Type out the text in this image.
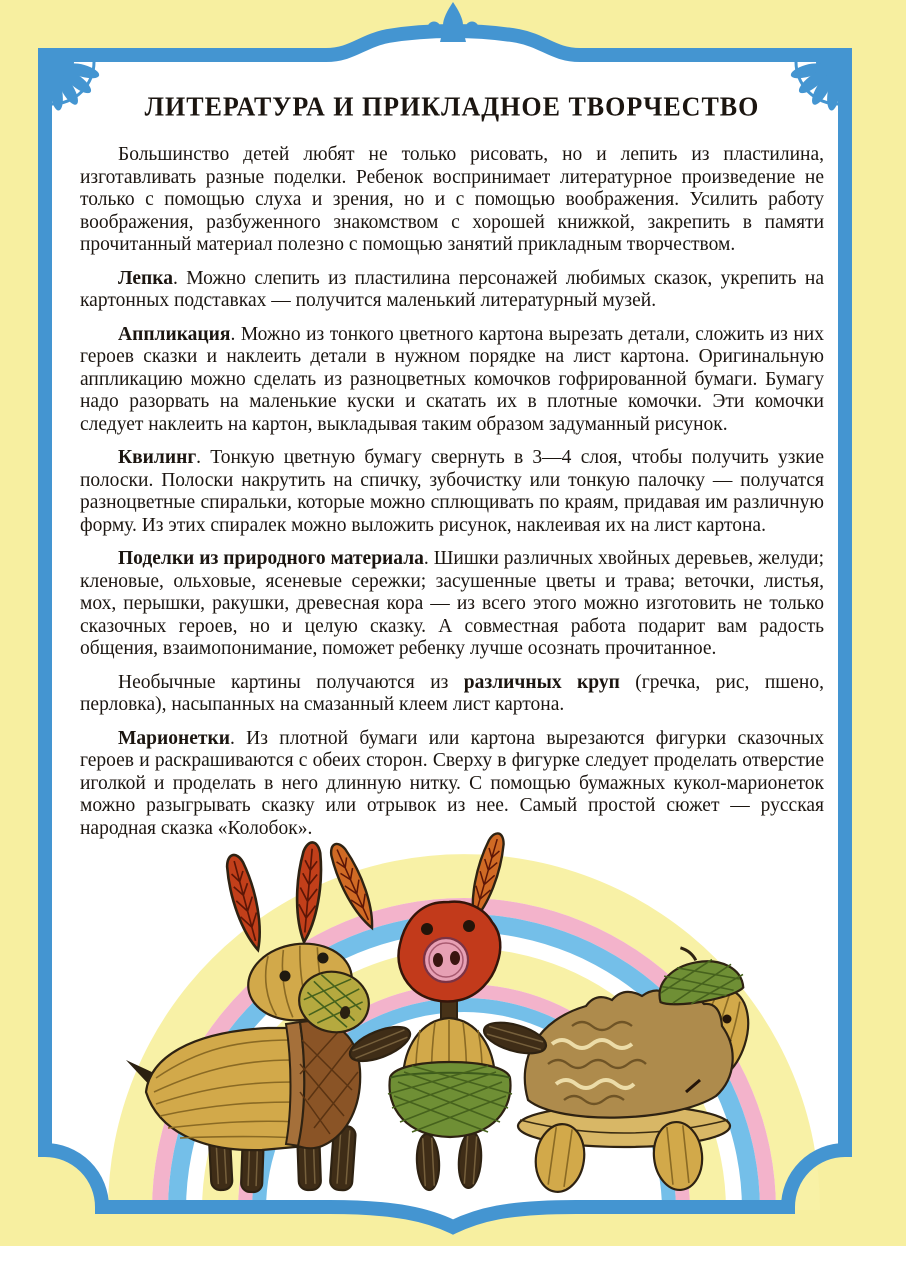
ЛИТЕРАТУРА И ПРИКЛАДНОЕ ТВОРЧЕСТВО

Большинство детей любят не только рисовать, но и лепить из пластилина, изготавливать разные поделки. Ребенок воспринимает литературное произведение не только с помощью слуха и зрения, но и с помощью воображения. Усилить работу воображения, разбуженного знакомством с хорошей книжкой, закрепить в памяти прочитанный материал полезно с помощью занятий прикладным творчеством.

Лепка. Можно слепить из пластилина персонажей любимых сказок, укрепить на картонных подставках — получится маленький литературный музей.

Аппликация. Можно из тонкого цветного картона вырезать детали, сложить из них героев сказки и наклеить детали в нужном порядке на лист картона. Оригинальную аппликацию можно сделать из разноцветных комочков гофрированной бумаги. Бумагу надо разорвать на маленькие куски и скатать их в плотные комочки. Эти комочки следует наклеить на картон, выкладывая таким образом задуманный рисунок.

Квилинг. Тонкую цветную бумагу свернуть в 3—4 слоя, чтобы получить узкие полоски. Полоски накрутить на спичку, зубочистку или тонкую палочку — получатся разноцветные спиральки, которые можно сплющивать по краям, придавая им различную форму. Из этих спиралек можно выложить рисунок, наклеивая их на лист картона.

Поделки из природного материала. Шишки различных хвойных деревьев, желуди; кленовые, ольховые, ясеневые сережки; засушенные цветы и трава; веточки, листья, мох, перышки, ракушки, древесная кора — из всего этого можно изготовить не только сказочных героев, но и целую сказку. А совместная работа подарит вам радость общения, взаимопонимание, поможет ребенку лучше осознать прочитанное.

Необычные картины получаются из различных круп (гречка, рис, пшено, перловка), насыпанных на смазанный клеем лист картона.

Марионетки. Из плотной бумаги или картона вырезаются фигурки сказочных героев и раскрашиваются с обеих сторон. Сверху в фигурке следует проделать отверстие иголкой и проделать в него длинную нитку. С помощью бумажных кукол-марионеток можно разыгрывать сказку или отрывок из нее. Самый простой сюжет — русская народная сказка «Колобок».
